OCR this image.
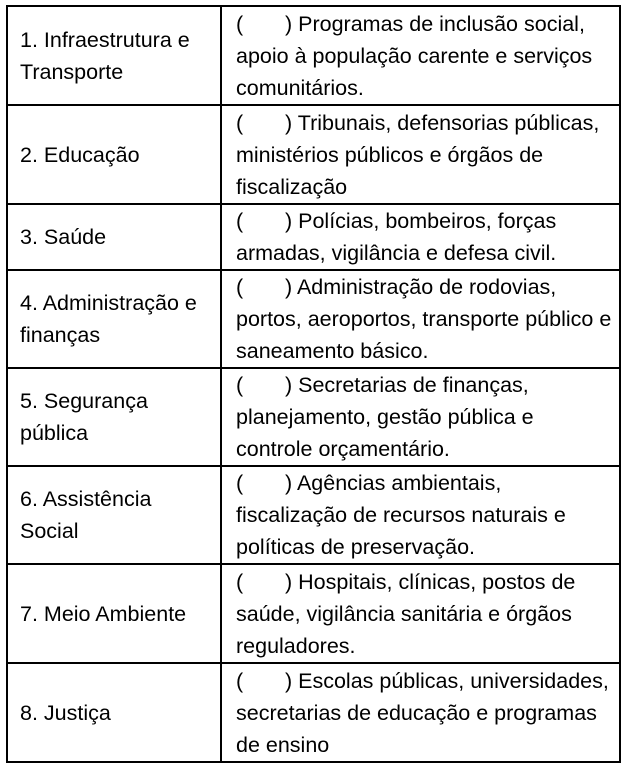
1. Infraestrutura e Transporte	(       ) Programas de inclusão social, apoio à população carente e serviços comunitários.
2. Educação	(       ) Tribunais, defensorias públicas, ministérios públicos e órgãos de fiscalização
3. Saúde	(       ) Polícias, bombeiros, forças armadas, vigilância e defesa civil.
4. Administração e finanças	(       ) Administração de rodovias, portos, aeroportos, transporte público e saneamento básico.
5. Segurança pública	(       ) Secretarias de finanças, planejamento, gestão pública e controle orçamentário.
6. Assistência Social	(       ) Agências ambientais, fiscalização de recursos naturais e políticas de preservação.
7. Meio Ambiente	(       ) Hospitais, clínicas, postos de saúde, vigilância sanitária e órgãos reguladores.
8. Justiça	(       ) Escolas públicas, universidades, secretarias de educação e programas de ensino
